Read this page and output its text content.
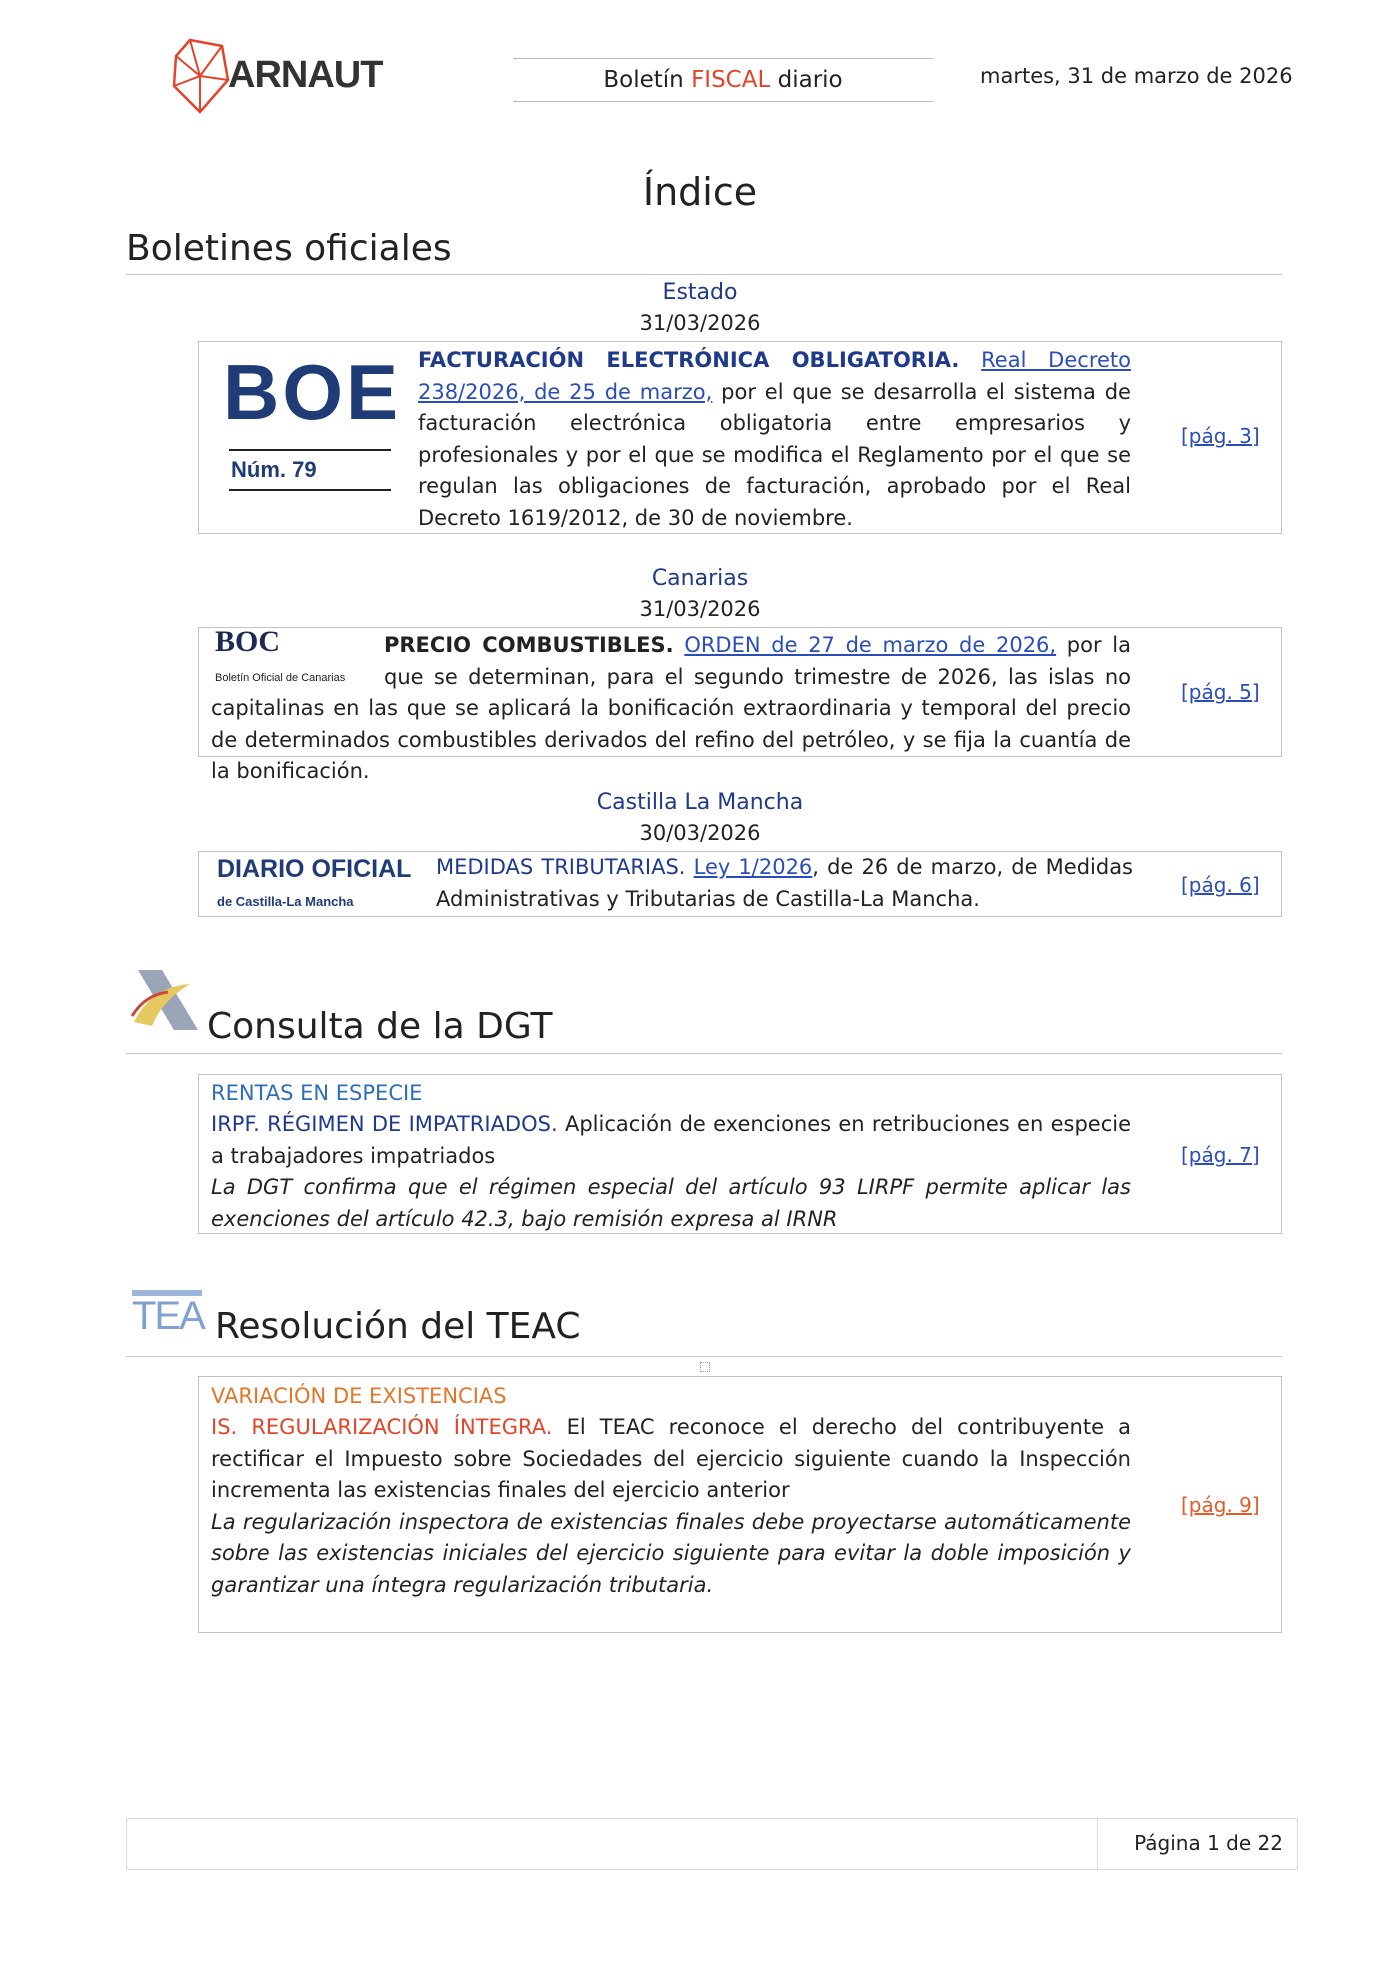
ARNAUT	Boletín FISCAL diario	martes, 31 de marzo de 2026
Índice
Boletines oficiales
Estado
31/03/2026
BOE
Núm. 79
FACTURACIÓN ELECTRÓNICA OBLIGATORIA. Real Decreto 238/2026, de 25 de marzo, por el que se desarrolla el sistema de facturación electrónica obligatoria entre empresarios y profesionales y por el que se modifica el Reglamento por el que se regulan las obligaciones de facturación, aprobado por el Real Decreto 1619/2012, de 30 de noviembre.
[pág. 3]
Canarias
31/03/2026
BOC
Boletín Oficial de Canarias
PRECIO COMBUSTIBLES. ORDEN de 27 de marzo de 2026, por la que se determinan, para el segundo trimestre de 2026, las islas no capitalinas en las que se aplicará la bonificación extraordinaria y temporal del precio de determinados combustibles derivados del refino del petróleo, y se fija la cuantía de la bonificación.
[pág. 5]
Castilla La Mancha
30/03/2026
DIARIO OFICIAL
de Castilla-La Mancha
MEDIDAS TRIBUTARIAS. Ley 1/2026, de 26 de marzo, de Medidas Administrativas y Tributarias de Castilla-La Mancha.
[pág. 6]
Consulta de la DGT
RENTAS EN ESPECIE
IRPF. RÉGIMEN DE IMPATRIADOS. Aplicación de exenciones en retribuciones en especie a trabajadores impatriados
La DGT confirma que el régimen especial del artículo 93 LIRPF permite aplicar las exenciones del artículo 42.3, bajo remisión expresa al IRNR
[pág. 7]
TEA Resolución del TEAC
VARIACIÓN DE EXISTENCIAS
IS. REGULARIZACIÓN ÍNTEGRA. El TEAC reconoce el derecho del contribuyente a rectificar el Impuesto sobre Sociedades del ejercicio siguiente cuando la Inspección incrementa las existencias finales del ejercicio anterior
La regularización inspectora de existencias finales debe proyectarse automáticamente sobre las existencias iniciales del ejercicio siguiente para evitar la doble imposición y garantizar una íntegra regularización tributaria.
[pág. 9]
Página 1 de 22
